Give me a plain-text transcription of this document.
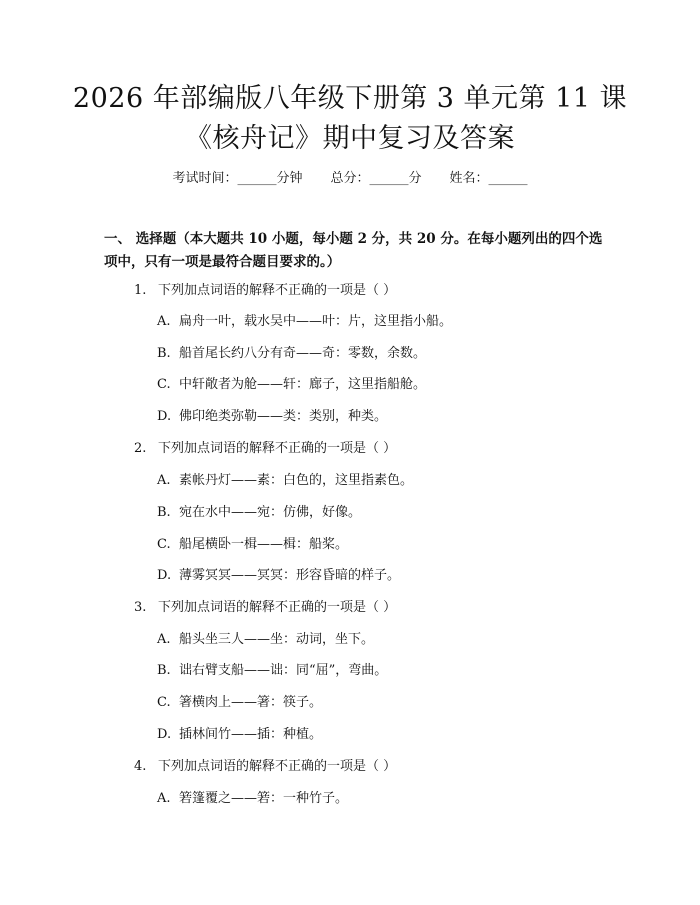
2026 年部编版八年级下册第 3 单元第 11 课
《核舟记》期中复习及答案
考试时间：______分钟 总分：______分 姓名：______
一、 选择题（本大题共 10 小题，每小题 2 分，共 20 分。在每小题列出的四个选
项中，只有一项是最符合题目要求的。）
1. 下列加点词语的解释不正确的一项是（ ）
A. 扁舟一叶，载水吴中——叶：片，这里指小船。
B. 船首尾长约八分有奇——奇：零数，余数。
C. 中轩敞者为舱——轩：廊子，这里指船舱。
D. 佛印绝类弥勒——类：类别，种类。
2. 下列加点词语的解释不正确的一项是（ ）
A. 素帐丹灯——素：白色的，这里指素色。
B. 宛在水中——宛：仿佛，好像。
C. 船尾横卧一楫——楫：船桨。
D. 薄雾冥冥——冥冥：形容昏暗的样子。
3. 下列加点词语的解释不正确的一项是（ ）
A. 船头坐三人——坐：动词，坐下。
B. 诎右臂支船——诎：同“屈”，弯曲。
C. 箸横肉上——箸：筷子。
D. 插林间竹——插：种植。
4. 下列加点词语的解释不正确的一项是（ ）
A. 箬篷覆之——箬：一种竹子。
